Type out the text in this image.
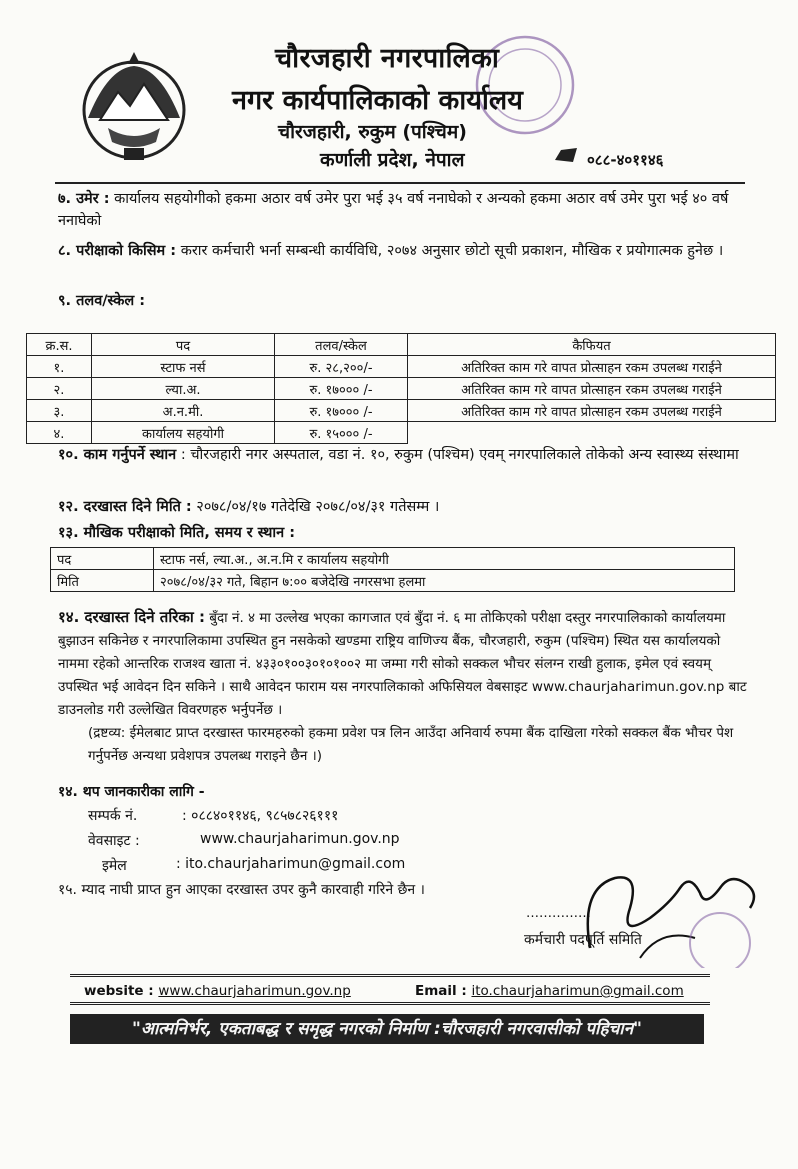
चौरजहारी नगरपालिका
नगर कार्यपालिकाको कार्यालय
चौरजहारी, रुकुम (पश्चिम)
कर्णाली प्रदेश, नेपाल	०८८-४०११४६
७. उमेर : कार्यालय सहयोगीको हकमा अठार वर्ष उमेर पुरा भई ३५ वर्ष ननाघेको र अन्यको हकमा अठार वर्ष उमेर पुरा भई ४० वर्ष ननाघेको
८. परीक्षाको किसिम : करार कर्मचारी भर्ना सम्बन्धी कार्यविधि, २०७४ अनुसार छोटो सूची प्रकाशन, मौखिक र प्रयोगात्मक हुनेछ ।
९. तलव/स्केल :
क्र.स.	पद	तलव/स्केल	कैफियत
१.	स्टाफ नर्स	रु. २८,२००/-	अतिरिक्त काम गरे वापत प्रोत्साहन रकम उपलब्ध गराईने
२.	ल्या.अ.	रु. १७००० /-	अतिरिक्त काम गरे वापत प्रोत्साहन रकम उपलब्ध गराईने
३.	अ.न.मी.	रु. १७००० /-	अतिरिक्त काम गरे वापत प्रोत्साहन रकम उपलब्ध गराईने
४.	कार्यालय सहयोगी	रु. १५००० /-	
१०. काम गर्नुपर्ने स्थान : चौरजहारी नगर अस्पताल, वडा नं. १०, रुकुम (पश्चिम) एवम् नगरपालिकाले तोकेको अन्य स्वास्थ्य संस्थामा
१२. दरखास्त दिने मिति : २०७८/०४/१७ गतेदेखि २०७८/०४/३१ गतेसम्म ।
१३. मौखिक परीक्षाको मिति, समय र स्थान :
पद	स्टाफ नर्स, ल्या.अ., अ.न.मि र कार्यालय सहयोगी
मिति	२०७८/०४/३२ गते, बिहान ७:०० बजेदेखि नगरसभा हलमा
१४. दरखास्त दिने तरिका : बुँदा नं. ४ मा उल्लेख भएका कागजात एवं बुँदा नं. ६ मा तोकिएको परीक्षा दस्तुर नगरपालिकाको कार्यालयमा बुझाउन सकिनेछ र नगरपालिकामा उपस्थित हुन नसकेको खण्डमा राष्ट्रिय वाणिज्य बैंक, चौरजहारी, रुकुम (पश्चिम) स्थित यस कार्यालयको नाममा रहेको आन्तरिक राजश्व खाता नं. ४३३०१००३०१०१००२ मा जम्मा गरी सोको सक्कल भौचर संलग्न राखी हुलाक, इमेल एवं स्वयम् उपस्थित भई आवेदन दिन सकिने । साथै आवेदन फाराम यस नगरपालिकाको अफिसियल वेबसाइट www.chaurjaharimun.gov.np बाट डाउनलोड गरी उल्लेखित विवरणहरु भर्नुपर्नेछ ।
(द्रष्टव्य: ईमेलबाट प्राप्त दरखास्त फारमहरुको हकमा प्रवेश पत्र लिन आउँदा अनिवार्य रुपमा बैंक दाखिला गरेको सक्कल बैंक भौचर पेश गर्नुपर्नेछ अन्यथा प्रवेशपत्र उपलब्ध गराइने छैन ।)
१४. थप जानकारीका लागि -
सम्पर्क नं.	: ०८८४०११४६, ९८५७८२६१११
वेवसाइट :	www.chaurjaharimun.gov.np
इमेल	: ito.chaurjaharimun@gmail.com
१५. म्याद नाघी प्राप्त हुन आएका दरखास्त उपर कुनै कारवाही गरिने छैन ।
……………
कर्मचारी पदपूर्ति समिति
website : www.chaurjaharimun.gov.np	Email : ito.chaurjaharimun@gmail.com
"आत्मनिर्भर, एकताबद्ध र समृद्ध नगरको निर्माण :चौरजहारी नगरवासीको पहिचान"
